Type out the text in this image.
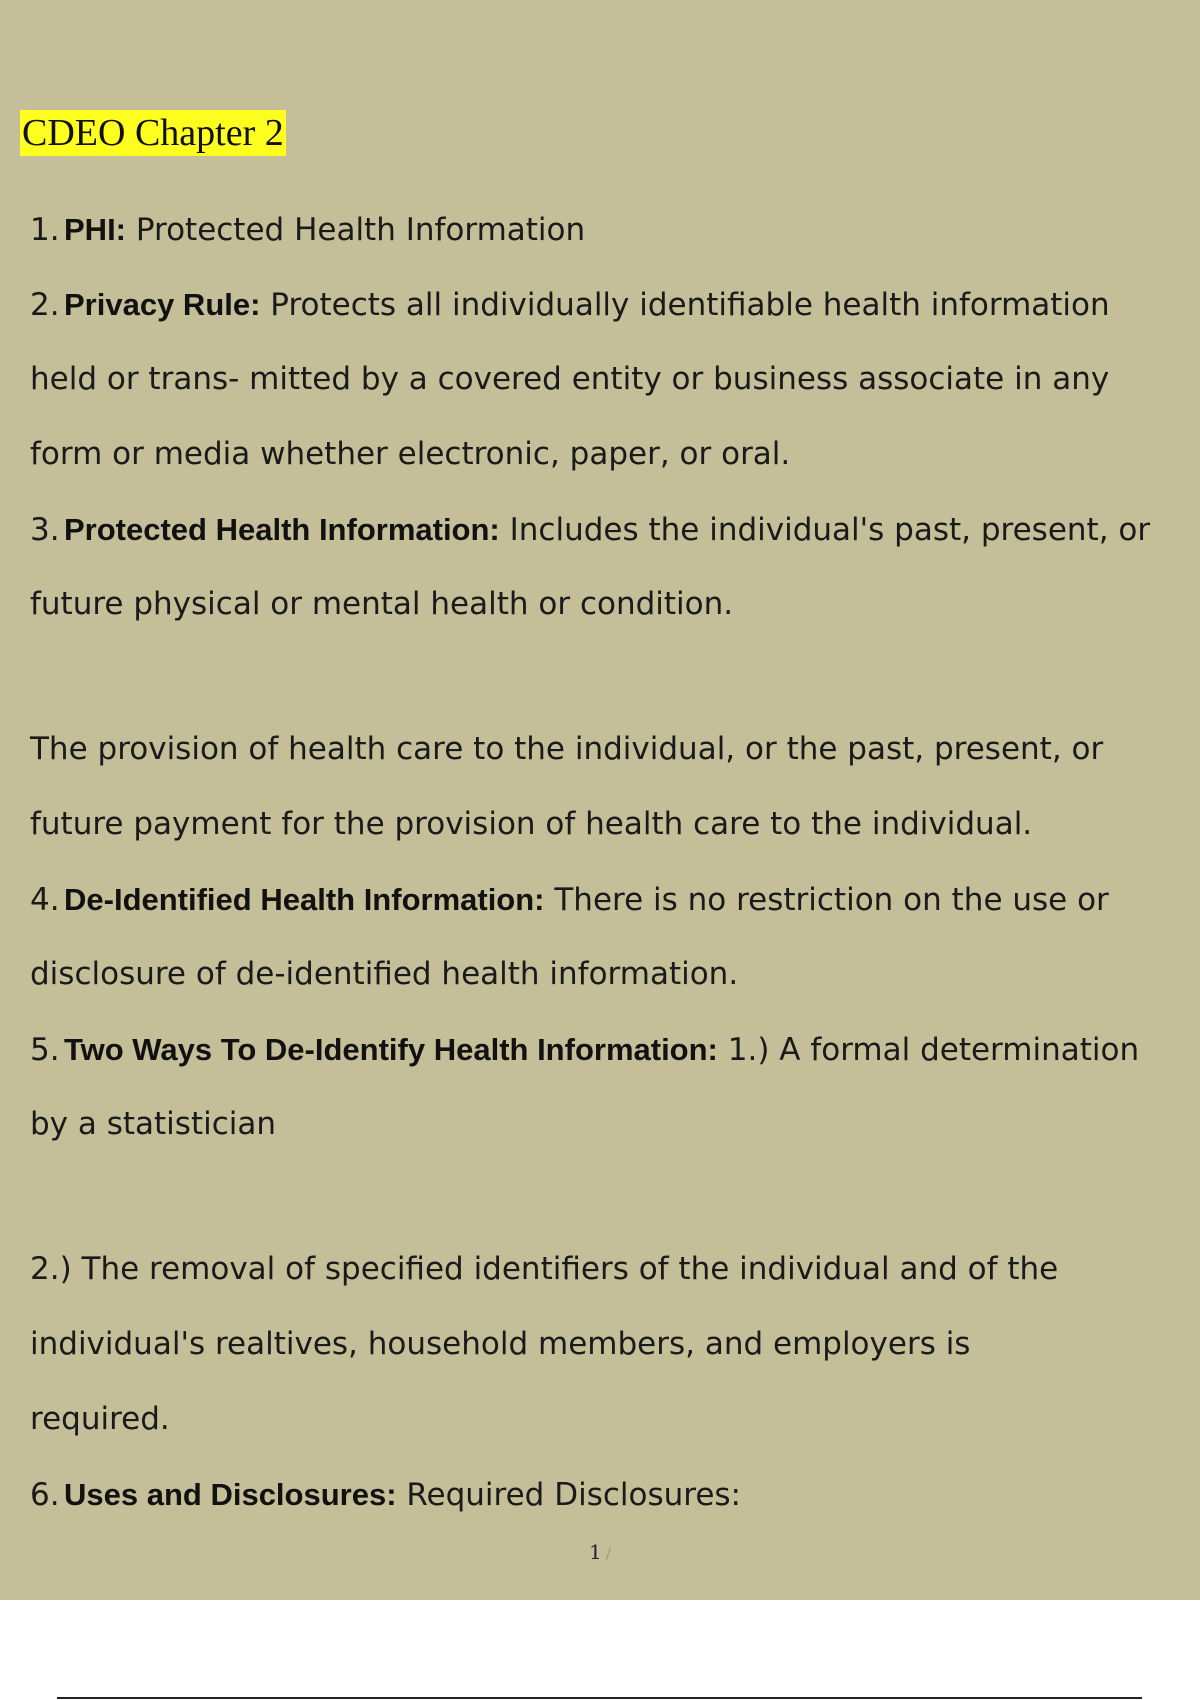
CDEO Chapter 2
1. PHI: Protected Health Information
2. Privacy Rule: Protects all individually identifiable health information
held or trans- mitted by a covered entity or business associate in any
form or media whether electronic, paper, or oral.
3. Protected Health Information: Includes the individual's past, present, or
future physical or mental health or condition.
The provision of health care to the individual, or the past, present, or
future payment for the provision of health care to the individual.
4. De-Identified Health Information: There is no restriction on the use or
disclosure of de-identified health information.
5. Two Ways To De-Identify Health Information: 1.) A formal determination
by a statistician
2.) The removal of specified identifiers of the individual and of the
individual's realtives, household members, and employers is
required.
6. Uses and Disclosures: Required Disclosures:
1 /
